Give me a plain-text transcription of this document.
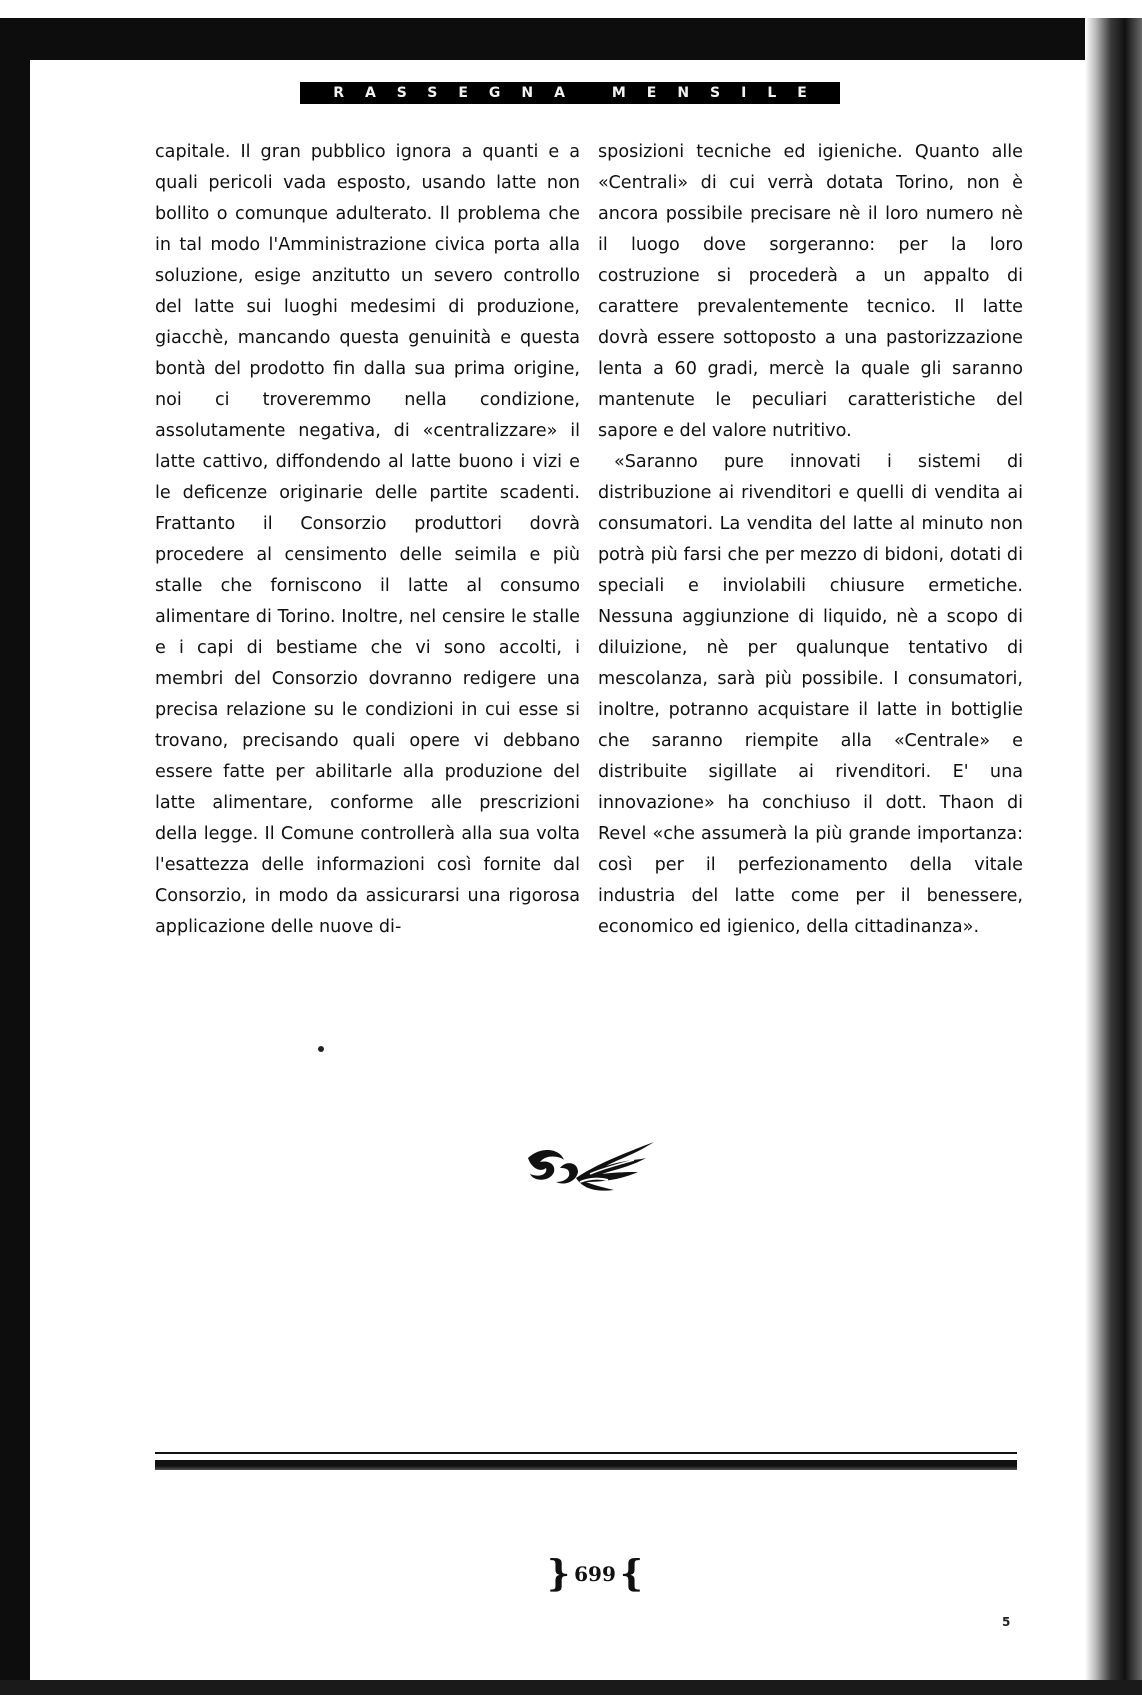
RASSEGNA MENSILE

capitale. Il gran pubblico ignora a quanti e a quali pericoli vada esposto, usando latte non bollito o comunque adulterato. Il problema che in tal modo l'Amministrazione civica porta alla soluzione, esige anzitutto un severo controllo del latte sui luoghi medesimi di produzione, giacchè, mancando questa genuinità e questa bontà del prodotto fin dalla sua prima origine, noi ci troveremmo nella condizione, assolutamente negativa, di «centralizzare» il latte cattivo, diffondendo al latte buono i vizi e le deficenze originarie delle partite scadenti. Frattanto il Consorzio produttori dovrà procedere al censimento delle seimila e più stalle che forniscono il latte al consumo alimentare di Torino. Inoltre, nel censire le stalle e i capi di bestiame che vi sono accolti, i membri del Consorzio dovranno redigere una precisa relazione su le condizioni in cui esse si trovano, precisando quali opere vi debbano essere fatte per abilitarle alla produzione del latte alimentare, conforme alle prescrizioni della legge. Il Comune controllerà alla sua volta l'esattezza delle informazioni così fornite dal Consorzio, in modo da assicurarsi una rigorosa applicazione delle nuove di-

sposizioni tecniche ed igieniche. Quanto alle «Centrali» di cui verrà dotata Torino, non è ancora possibile precisare nè il loro numero nè il luogo dove sorgeranno: per la loro costruzione si procederà a un appalto di carattere prevalentemente tecnico. Il latte dovrà essere sottoposto a una pastorizzazione lenta a 60 gradi, mercè la quale gli saranno mantenute le peculiari caratteristiche del sapore e del valore nutritivo.

«Saranno pure innovati i sistemi di distribuzione ai rivenditori e quelli di vendita ai consumatori. La vendita del latte al minuto non potrà più farsi che per mezzo di bidoni, dotati di speciali e inviolabili chiusure ermetiche. Nessuna aggiunzione di liquido, nè a scopo di diluizione, nè per qualunque tentativo di mescolanza, sarà più possibile. I consumatori, inoltre, potranno acquistare il latte in bottiglie che saranno riempite alla «Centrale» e distribuite sigillate ai rivenditori. E' una innovazione» ha conchiuso il dott. Thaon di Revel «che assumerà la più grande importanza: così per il perfezionamento della vitale industria del latte come per il benessere, economico ed igienico, della cittadinanza».

} 699 {
5
